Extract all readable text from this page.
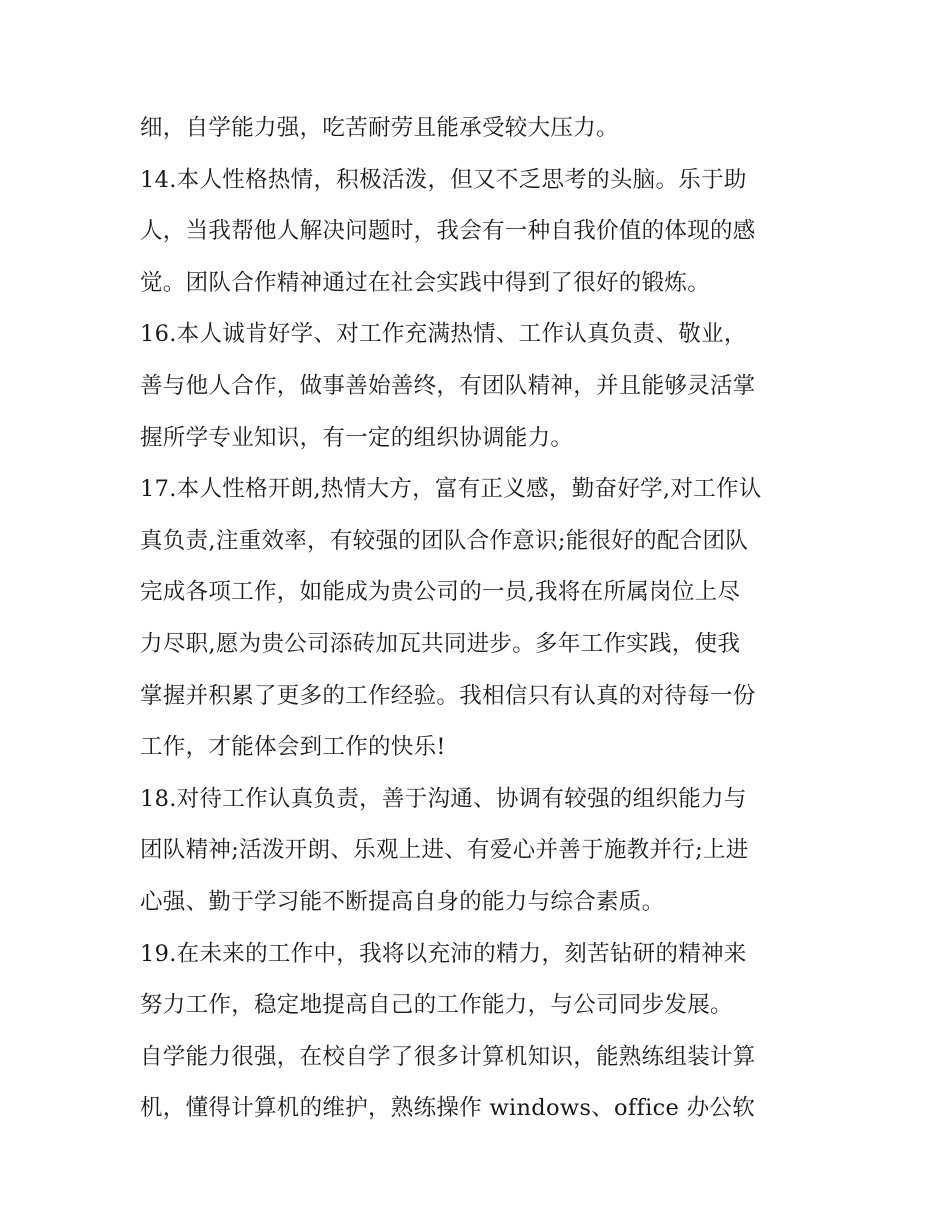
细，自学能力强，吃苦耐劳且能承受较大压力。
14.本人性格热情，积极活泼，但又不乏思考的头脑。乐于助
人，当我帮他人解决问题时，我会有一种自我价值的体现的感
觉。团队合作精神通过在社会实践中得到了很好的锻炼。
16.本人诚肯好学、对工作充满热情、工作认真负责、敬业，
善与他人合作，做事善始善终，有团队精神，并且能够灵活掌
握所学专业知识，有一定的组织协调能力。
17.本人性格开朗,热情大方，富有正义感，勤奋好学,对工作认
真负责,注重效率，有较强的团队合作意识;能很好的配合团队
完成各项工作，如能成为贵公司的一员,我将在所属岗位上尽
力尽职,愿为贵公司添砖加瓦共同进步。多年工作实践，使我
掌握并积累了更多的工作经验。我相信只有认真的对待每一份
工作，才能体会到工作的快乐!
18.对待工作认真负责，善于沟通、协调有较强的组织能力与
团队精神;活泼开朗、乐观上进、有爱心并善于施教并行;上进
心强、勤于学习能不断提高自身的能力与综合素质。
19.在未来的工作中，我将以充沛的精力，刻苦钻研的精神来
努力工作，稳定地提高自己的工作能力，与公司同步发展。
自学能力很强，在校自学了很多计算机知识，能熟练组装计算
机，懂得计算机的维护，熟练操作 windows、office 办公软
